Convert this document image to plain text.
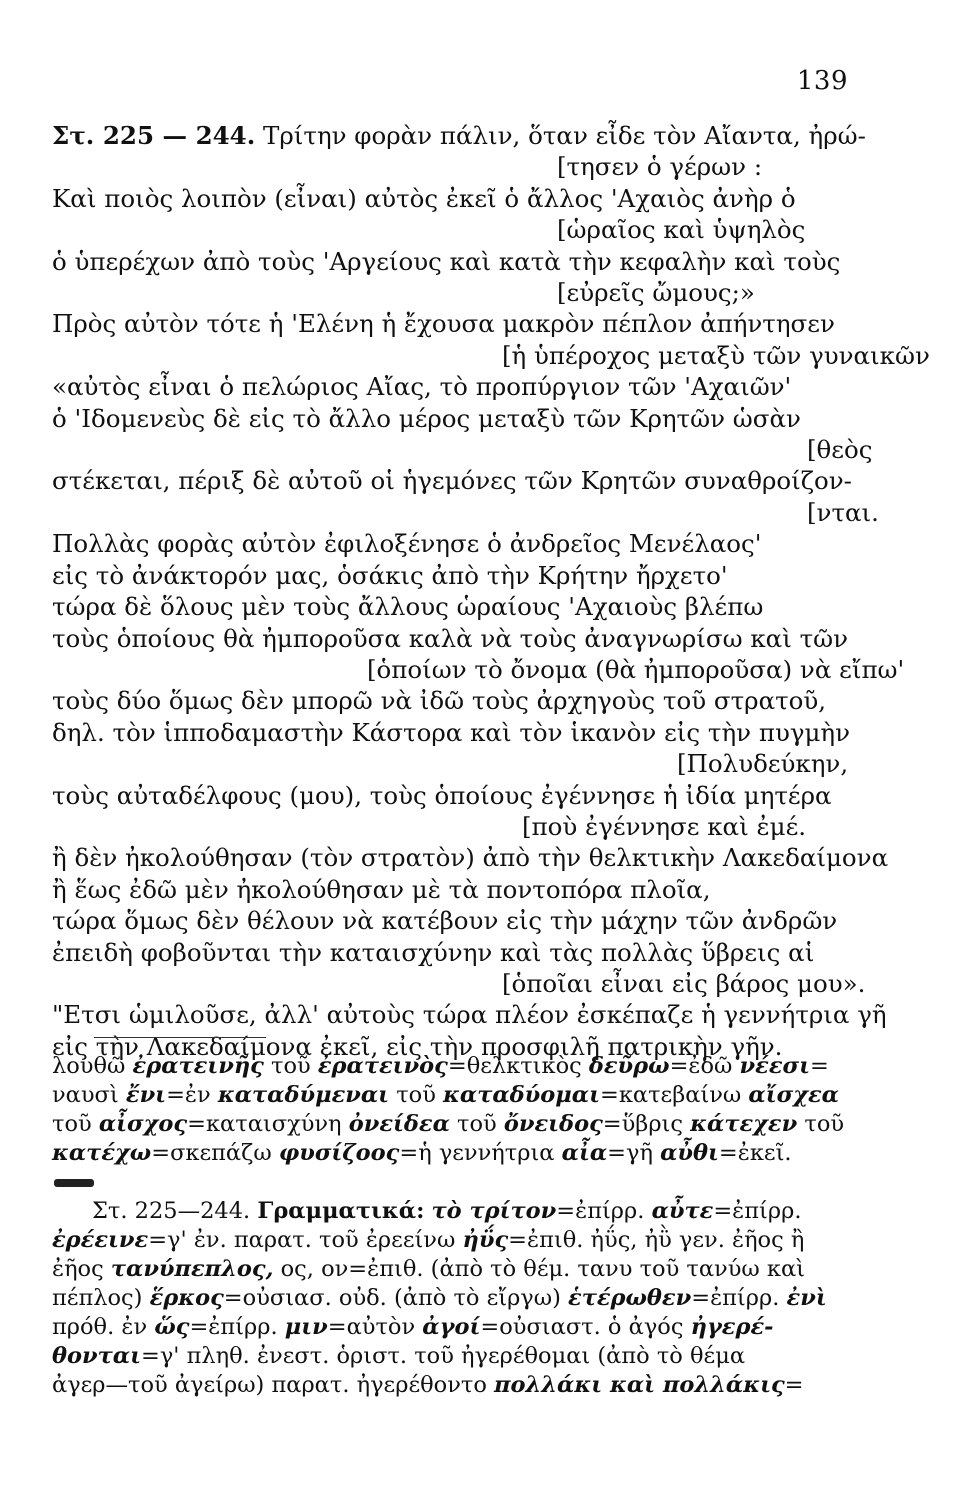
139
Στ. 225 — 244. Τρίτην φορὰν πάλιν, ὅταν εἶδε τὸν Αἴαντα, ἠρώ-
[τησεν ὁ γέρων :
Καὶ ποιὸς λοιπὸν (εἶναι) αὐτὸς ἐκεῖ ὁ ἄλλος 'Αχαιὸς ἀνὴρ ὁ
[ὡραῖος καὶ ὑψηλὸς
ὁ ὑπερέχων ἀπὸ τοὺς 'Αργείους καὶ κατὰ τὴν κεφαλὴν καὶ τοὺς
[εὐρεῖς ὤμους;»
Πρὸς αὐτὸν τότε ἡ 'Ελένη ἡ ἔχουσα μακρὸν πέπλον ἀπήντησεν
[ἡ ὑπέροχος μεταξὺ τῶν γυναικῶν
«αὐτὸς εἶναι ὁ πελώριος Αἴας, τὸ προπύργιον τῶν 'Αχαιῶν'
ὁ 'Ιδομενεὺς δὲ εἰς τὸ ἄλλο μέρος μεταξὺ τῶν Κρητῶν ὡσὰν
[θεὸς
στέκεται, πέριξ δὲ αὐτοῦ οἱ ἡγεμόνες τῶν Κρητῶν συναθροίζον-
[νται.
Πολλὰς φορὰς αὐτὸν ἐφιλοξένησε ὁ ἀνδρεῖος Μενέλαος'
εἰς τὸ ἀνάκτορόν μας, ὁσάκις ἀπὸ τὴν Κρήτην ἤρχετο'
τώρα δὲ ὅλους μὲν τοὺς ἄλλους ὡραίους 'Αχαιοὺς βλέπω
τοὺς ὁποίους θὰ ἠμποροῦσα καλὰ νὰ τοὺς ἀναγνωρίσω καὶ τῶν
[ὁποίων τὸ ὄνομα (θὰ ἠμποροῦσα) νὰ εἴπω'
τοὺς δύο ὅμως δὲν μπορῶ νὰ ἰδῶ τοὺς ἀρχηγοὺς τοῦ στρατοῦ,
δηλ. τὸν ἱπποδαμαστὴν Κάστορα καὶ τὸν ἱκανὸν εἰς τὴν πυγμὴν
[Πολυδεύκην,
τοὺς αὐταδέλφους (μου), τοὺς ὁποίους ἐγέννησε ἡ ἰδία μητέρα
[ποὺ ἐγέννησε καὶ ἐμέ.
ἢ δὲν ἠκολούθησαν (τὸν στρατὸν) ἀπὸ τὴν θελκτικὴν Λακεδαίμονα
ἢ ἕως ἐδῶ μὲν ἠκολούθησαν μὲ τὰ ποντοπόρα πλοῖα,
τώρα ὅμως δὲν θέλουν νὰ κατέβουν εἰς τὴν μάχην τῶν ἀνδρῶν
ἐπειδὴ φοβοῦνται τὴν καταισχύνην καὶ τὰς πολλὰς ὕβρεις αἱ
[ὁποῖαι εἶναι εἰς βάρος μου».
"Ετσι ὡμιλοῦσε, ἀλλ' αὐτοὺς τώρα πλέον ἐσκέπαζε ἡ γεννήτρια γῆ
εἰς τὴν Λακεδαίμονα ἐκεῖ, εἰς τὴν προσφιλῆ πατρικὴν γῆν.
λουθῶ ἐρατεινῆς τοῦ ἐρατεινὸς=θελκτικὸς δεῦρω=ἐδῶ νέεσι=
ναυσὶ ἔνι=ἐν καταδύμεναι τοῦ καταδύομαι=κατεβαίνω αἴσχεα
τοῦ αἶσχος=καταισχύνη ὀνείδεα τοῦ ὄνειδος=ὕβρις κάτεχεν τοῦ
κατέχω=σκεπάζω φυσίζοος=ἡ γεννήτρια αἶα=γῆ αὖθι=ἐκεῖ.
Στ. 225—244. Γραμματικά: τὸ τρίτον=ἐπίρρ. αὖτε=ἐπίρρ.
ἐρέεινε=γ' ἐν. παρατ. τοῦ ἐρεείνω ἠΰς=ἐπιθ. ἠΰς, ἠῢ γεν. ἐῆος ἢ
ἐῆος τανύπεπλος, ος, ον=ἐπιθ. (ἀπὸ τὸ θέμ. τανυ τοῦ τανύω καὶ
πέπλος) ἕρκος=οὐσιασ. οὐδ. (ἀπὸ τὸ εἴργω) ἑτέρωθεν=ἐπίρρ. ἐνὶ
πρόθ. ἐν ὥς=ἐπίρρ. μιν=αὐτὸν ἀγοί=οὐσιαστ. ὁ ἀγός ἠγερέ-
θονται=γ' πληθ. ἐνεστ. ὁριστ. τοῦ ἠγερέθομαι (ἀπὸ τὸ θέμα
ἀγερ—τοῦ ἀγείρω) παρατ. ἠγερέθοντο πολλάκι καὶ πολλάκις=
